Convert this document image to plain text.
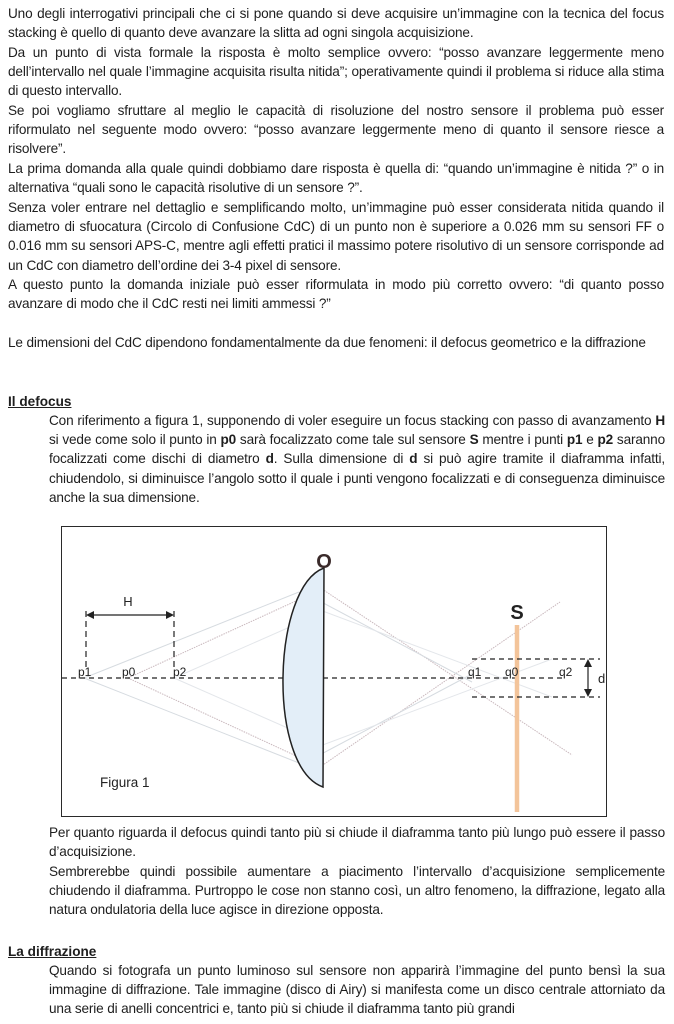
Uno degli interrogativi principali che ci si pone quando si deve acquisire un’immagine con la tecnica del focus stacking è quello di quanto deve avanzare la slitta ad ogni singola acquisizione.

Da un punto di vista formale la risposta è molto semplice ovvero: “posso avanzare leggermente meno dell’intervallo nel quale l’immagine acquisita risulta nitida”; operativamente quindi il problema si riduce alla stima di questo intervallo.

Se poi vogliamo sfruttare al meglio le capacità di risoluzione del nostro sensore il problema può esser riformulato nel seguente modo ovvero: “posso avanzare leggermente meno di quanto il sensore riesce a risolvere”.

La prima domanda alla quale quindi dobbiamo dare risposta è quella di: “quando un’immagine è nitida ?” o in alternativa “quali sono le capacità risolutive di un sensore ?”.

Senza voler entrare nel dettaglio e semplificando molto, un’immagine può esser considerata nitida quando il diametro di sfuocatura (Circolo di Confusione CdC) di un punto non è superiore a 0.026 mm su sensori FF o 0.016 mm su sensori APS-C, mentre agli effetti pratici il massimo potere risolutivo di un sensore corrisponde ad un CdC con diametro dell’ordine dei 3-4 pixel di sensore.

A questo punto la domanda iniziale può esser riformulata in modo più corretto ovvero: “di quanto posso avanzare di modo che il CdC resti nei limiti ammessi ?”

Le dimensioni del CdC dipendono fondamentalmente da due fenomeni: il defocus geometrico e la diffrazione

Il defocus

Con riferimento a figura 1, supponendo di voler eseguire un focus stacking con passo di avanzamento H si vede come solo il punto in p0 sarà focalizzato come tale sul sensore S mentre i punti p1 e p2 saranno focalizzati come dischi di diametro d. Sulla dimensione di d si può agire tramite il diaframma infatti, chiudendolo, si diminuisce l’angolo sotto il quale i punti vengono focalizzati e di conseguenza diminuisce anche la sua dimensione.

O
S
H
p1	p0	p2	q1 q0	q2 d
Figura 1

Per quanto riguarda il defocus quindi tanto più si chiude il diaframma tanto più lungo può essere il passo d’acquisizione.

Sembrerebbe quindi possibile aumentare a piacimento l’intervallo d’acquisizione semplicemente chiudendo il diaframma. Purtroppo le cose non stanno così, un altro fenomeno, la diffrazione, legato alla natura ondulatoria della luce agisce in direzione opposta.

La diffrazione

Quando si fotografa un punto luminoso sul sensore non apparirà l’immagine del punto bensì la sua immagine di diffrazione. Tale immagine (disco di Airy) si manifesta come un disco centrale attorniato da una serie di anelli concentrici e, tanto più si chiude il diaframma tanto più grandi
